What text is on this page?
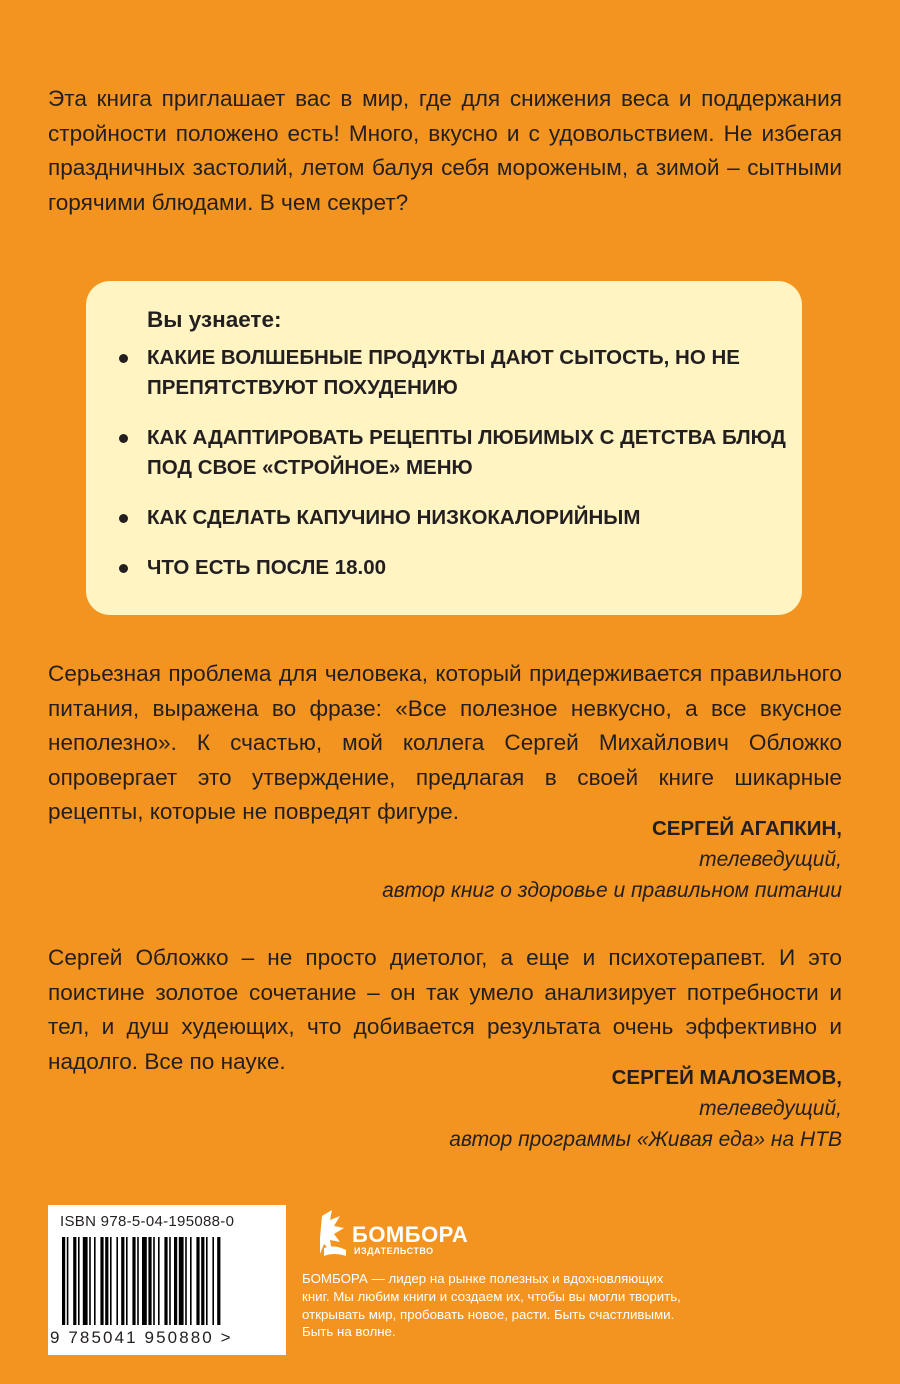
Эта книга приглашает вас в мир, где для снижения веса и поддержания стройности положено есть! Много, вкусно и с удовольствием. Не избегая праздничных застолий, летом балуя себя мороженым, а зимой – сытными горячими блюдами. В чем секрет?
Вы узнаете:
КАКИЕ ВОЛШЕБНЫЕ ПРОДУКТЫ ДАЮТ СЫТОСТЬ, НО НЕ ПРЕПЯТСТВУЮТ ПОХУДЕНИЮ
КАК АДАПТИРОВАТЬ РЕЦЕПТЫ ЛЮБИМЫХ С ДЕТСТВА БЛЮД ПОД СВОЕ «СТРОЙНОЕ» МЕНЮ
КАК СДЕЛАТЬ КАПУЧИНО НИЗКОКАЛОРИЙНЫМ
ЧТО ЕСТЬ ПОСЛЕ 18.00
Серьезная проблема для человека, который придерживается правильного питания, выражена во фразе: «Все полезное невкусно, а все вкусное неполезно». К счастью, мой коллега Сергей Михайлович Обложко опровергает это утверждение, предлагая в своей книге шикарные рецепты, которые не повредят фигуре.
СЕРГЕЙ АГАПКИН,
телеведущий,
автор книг о здоровье и правильном питании
Сергей Обложко – не просто диетолог, а еще и психотерапевт. И это поистине золотое сочетание – он так умело анализирует потребности и тел, и душ худеющих, что добивается результата очень эффективно и надолго. Все по науке.
СЕРГЕЙ МАЛОЗЕМОВ,
телеведущий,
автор программы «Живая еда» на НТВ
ISBN 978-5-04-195088-0
9 785041 950880 >
БОМБОРА
ИЗДАТЕЛЬСТВО
БОМБОРА — лидер на рынке полезных и вдохновляющих книг. Мы любим книги и создаем их, чтобы вы могли творить, открывать мир, пробовать новое, расти. Быть счастливыми. Быть на волне.
